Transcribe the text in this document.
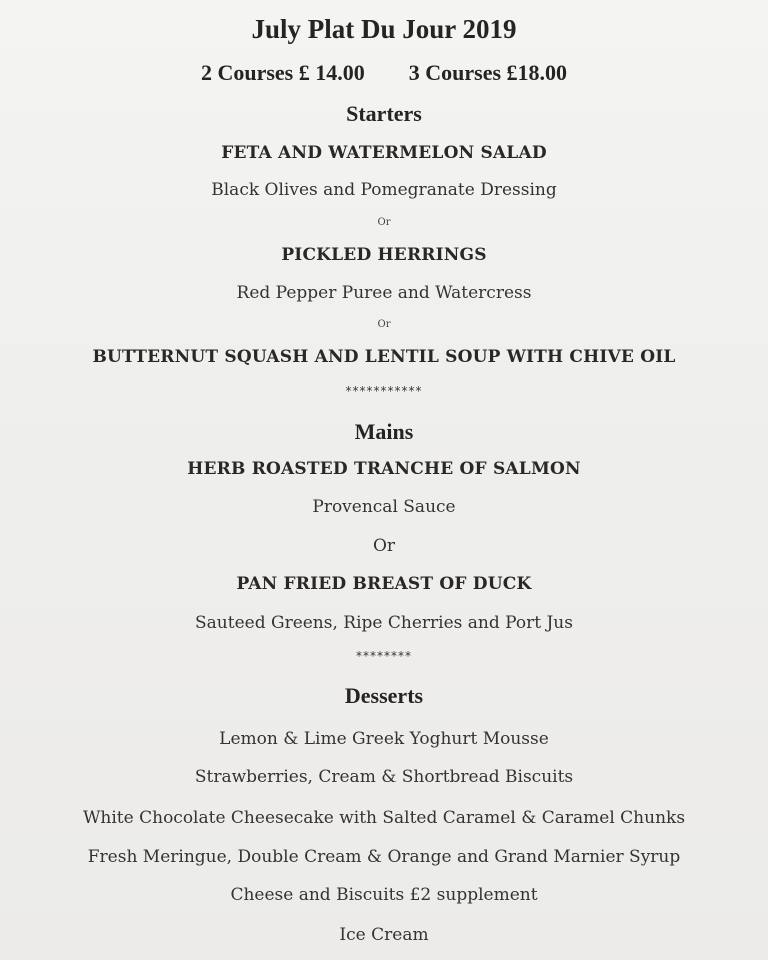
July Plat Du Jour 2019
2 Courses £ 14.00 3 Courses £18.00
Starters
FETA AND WATERMELON SALAD
Black Olives and Pomegranate Dressing
Or
PICKLED HERRINGS
Red Pepper Puree and Watercress
Or
BUTTERNUT SQUASH AND LENTIL SOUP WITH CHIVE OIL
***********
Mains
HERB ROASTED TRANCHE OF SALMON
Provencal Sauce
Or
PAN FRIED BREAST OF DUCK
Sauteed Greens, Ripe Cherries and Port Jus
********
Desserts
Lemon & Lime Greek Yoghurt Mousse
Strawberries, Cream & Shortbread Biscuits
White Chocolate Cheesecake with Salted Caramel & Caramel Chunks
Fresh Meringue, Double Cream & Orange and Grand Marnier Syrup
Cheese and Biscuits £2 supplement
Ice Cream
